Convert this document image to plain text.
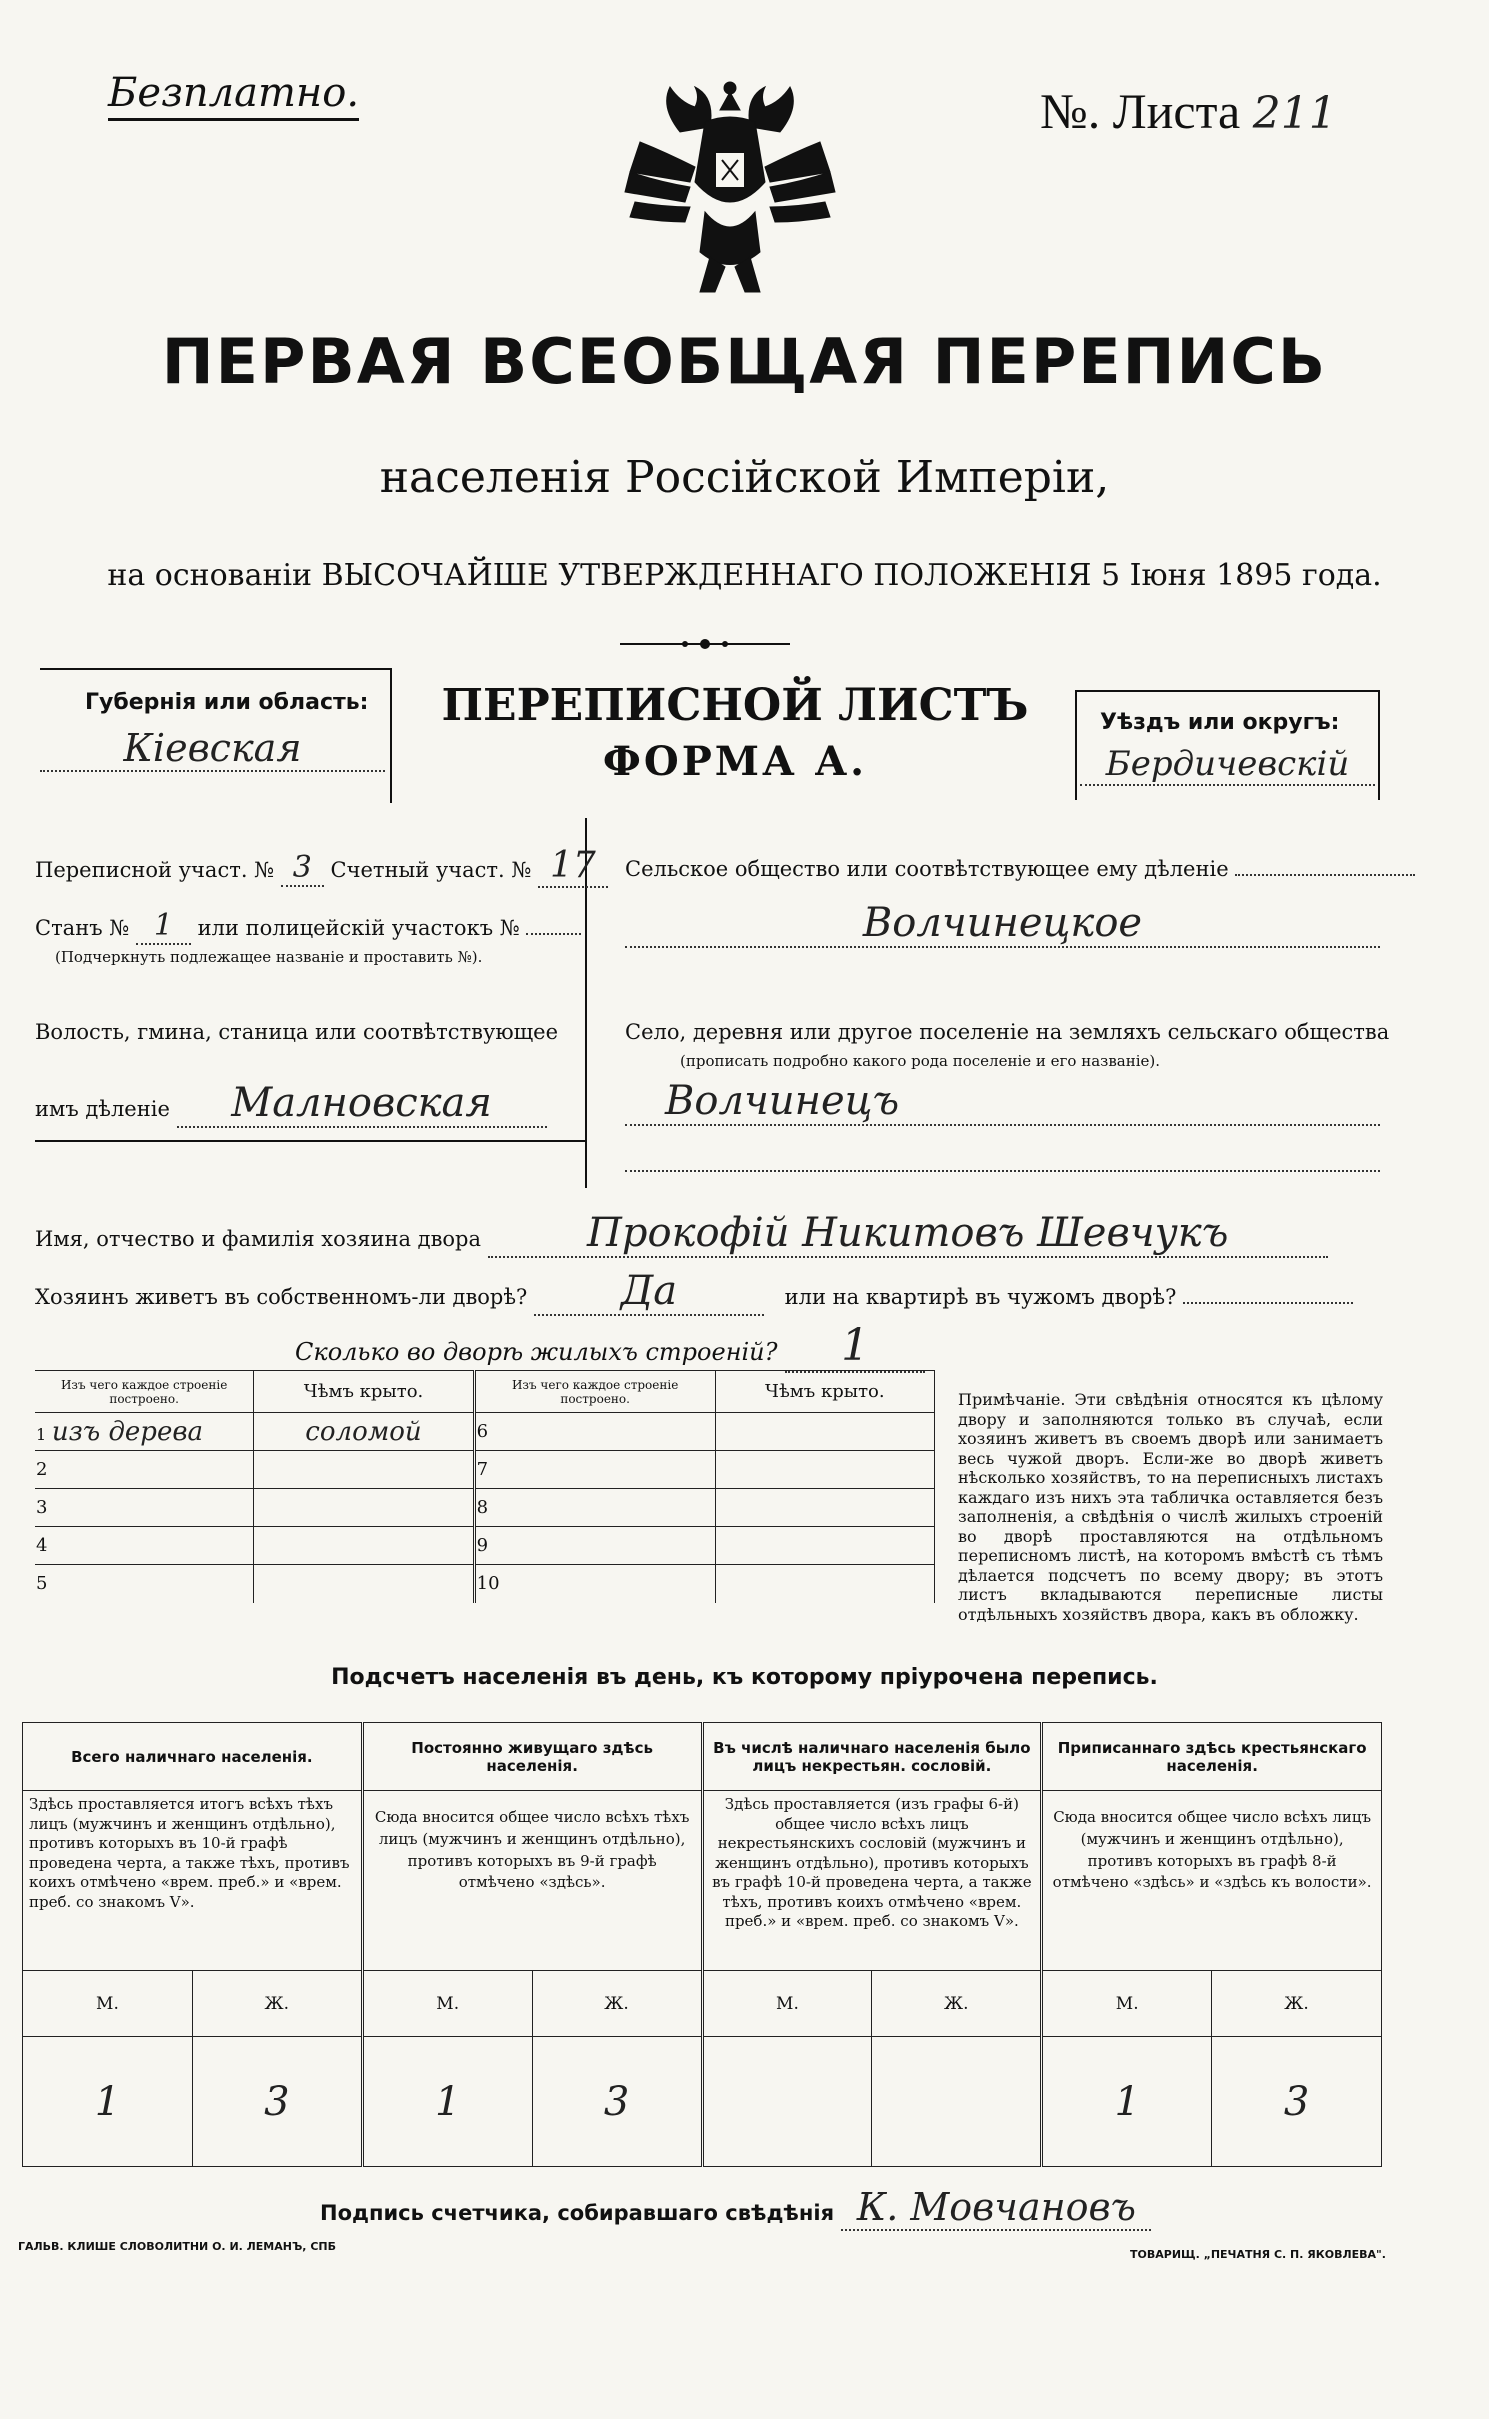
Безплатно.	№. Листа 211
ПЕРВАЯ ВСЕОБЩАЯ ПЕРЕПИСЬ
населенія Россійской Имперіи,
на основаніи ВЫСОЧАЙШЕ УТВЕРЖДЕННАГО ПОЛОЖЕНІЯ 5 Іюня 1895 года.
Губернія или область:
Кіевская
ПЕРЕПИСНОЙ ЛИСТЪ
ФОРМА А.
Уѣздъ или округъ:
Бердичевскій
Переписной участ. № 3 Счетный участ. № 17
Станъ № 1 или полицейскій участокъ №
(Подчеркнуть подлежащее названіе и проставить №).
Волость, гмина, станица или соотвѣтствующее
имъ дѣленіе Малновская
Сельское общество или соотвѣтствующее ему дѣленіе
Волчинецкое
Село, деревня или другое поселеніе на земляхъ сельскаго общества
(прописать подробно какого рода поселеніе и его названіе).
Волчинецъ
Имя, отчество и фамилія хозяина двора	Прокофій Никитовъ Шевчукъ
Хозяинъ живетъ въ собственномъ-ли дворѣ? Да	или на квартирѣ въ чужомъ дворѣ?
Сколько во дворѣ жилыхъ строеній? 1
Изъ чего каждое строеніе построено.	Чѣмъ крыто.	Изъ чего каждое строеніе построено.	Чѣмъ крыто.
1 изъ дерева	соломой	6	
2		7	
3		8	
4		9	
5		10	
Примѣчаніе. Эти свѣдѣнія относятся къ цѣлому двору и заполняются только въ случаѣ, если хозяинъ живетъ въ своемъ дворѣ или занимаетъ весь чужой дворъ. Если-же во дворѣ живетъ нѣсколько хозяйствъ, то на переписныхъ листахъ каждаго изъ нихъ эта табличка оставляется безъ заполненія, а свѣдѣнія о числѣ жилыхъ строеній во дворѣ проставляются на отдѣльномъ переписномъ листѣ, на которомъ вмѣстѣ съ тѣмъ дѣлается подсчетъ по всему двору; въ этотъ листъ вкладываются переписные листы отдѣльныхъ хозяйствъ двора, какъ въ обложку.
Подсчетъ населенія въ день, къ которому пріурочена перепись.
Всего наличнаго населенія.		Постоянно живущаго здѣсь населенія.		Въ числѣ наличнаго населенія было лицъ некрестьян. сословій.		Приписаннаго здѣсь крестьянскаго населенія.	
Здѣсь проставляется итогъ всѣхъ тѣхъ лицъ (мужчинъ и женщинъ отдѣльно), противъ которыхъ въ 10-й графѣ проведена черта, а также тѣхъ, противъ коихъ отмѣчено «врем. преб.» и «врем. преб. со знакомъ V».		Сюда вносится общее число всѣхъ тѣхъ лицъ (мужчинъ и женщинъ отдѣльно), противъ которыхъ въ 9-й графѣ отмѣчено «здѣсь».		Здѣсь проставляется (изъ графы 6-й) общее число всѣхъ лицъ некрестьянскихъ сословій (мужчинъ и женщинъ отдѣльно), противъ которыхъ въ графѣ 10-й проведена черта, а также тѣхъ, противъ коихъ отмѣчено «врем. преб.» и «врем. преб. со знакомъ V».		Сюда вносится общее число всѣхъ лицъ (мужчинъ и женщинъ отдѣльно), противъ которыхъ въ графѣ 8-й отмѣчено «здѣсь» и «здѣсь къ волости».	
М.	Ж.	М.	Ж.	М.	Ж.	М.	Ж.
1	3	1	3			1	3
Подпись счетчика, собиравшаго свѣдѣнія К. Мовчановъ
ГАЛЬВ. КЛИШЕ СЛОВОЛИТНИ О. И. ЛЕМАНЪ, СПБ
ТОВАРИЩ. „ПЕЧАТНЯ С. П. ЯКОВЛЕВА".
